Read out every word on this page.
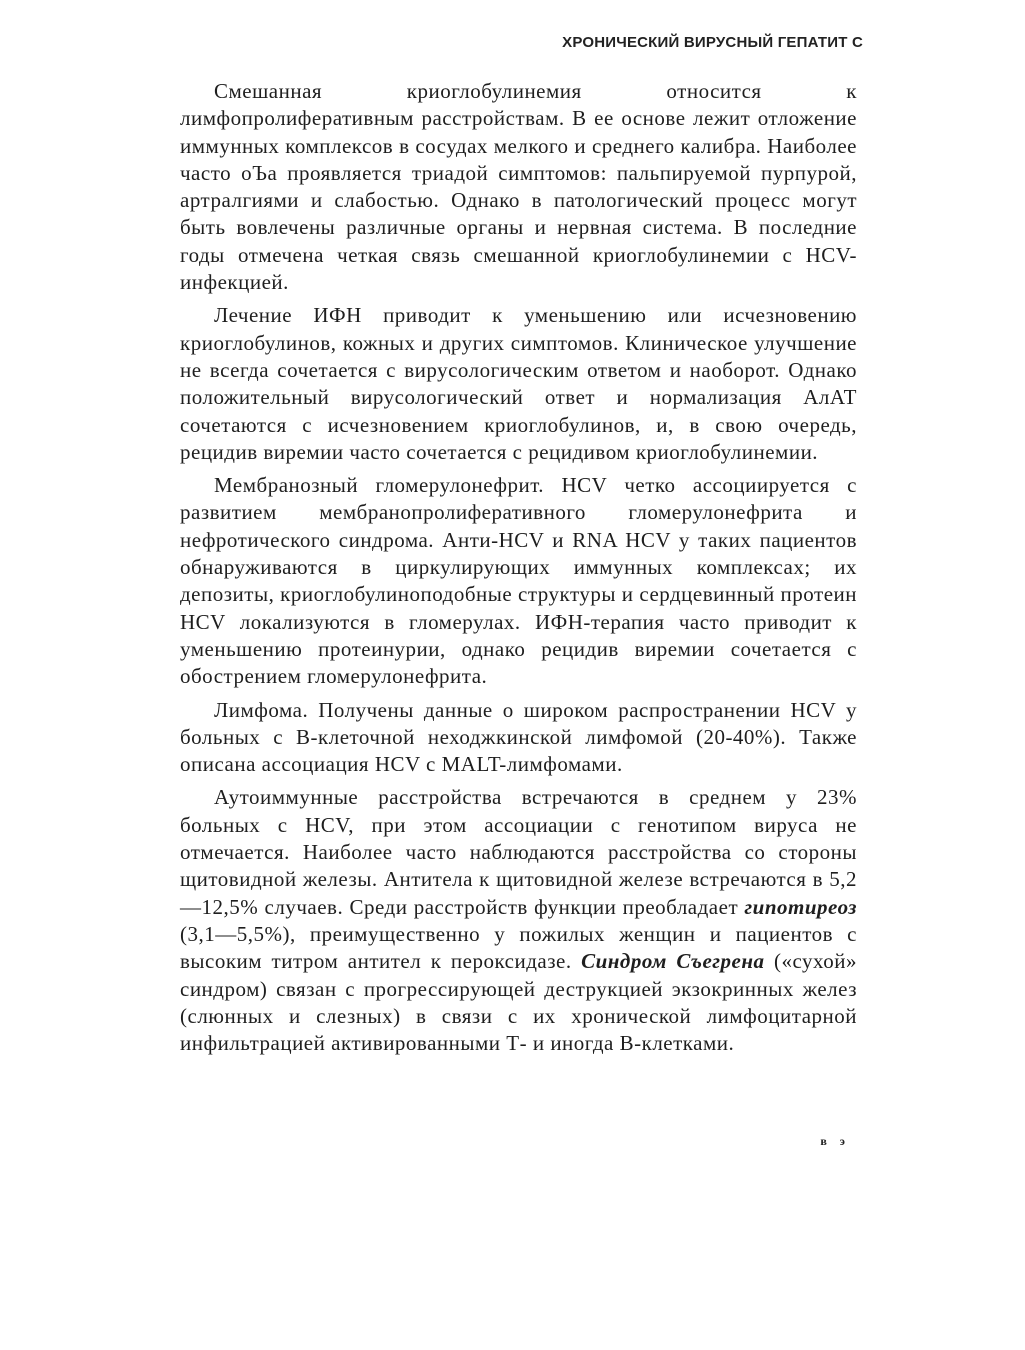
ХРОНИЧЕСКИЙ ВИРУСНЫЙ ГЕПАТИТ С

Смешанная криоглобулинемия относится к лимфопролиферативным расстройствам. В ее основе лежит отложение иммунных комплексов в сосудах мелкого и среднего калибра. Наиболее часто оЪа проявляется триадой симптомов: пальпируемой пурпурой, артралгиями и слабостью. Однако в патологический процесс могут быть вовлечены различные органы и нервная система. В последние годы отмечена четкая связь смешанной криоглобулинемии с HCV-инфекцией.

Лечение ИФН приводит к уменьшению или исчезновению криоглобулинов, кожных и других симптомов. Клиническое улучшение не всегда сочетается с вирусологическим ответом и наоборот. Однако положительный вирусологический ответ и нормализация АлАТ сочетаются с исчезновением криоглобулинов, и, в свою очередь, рецидив виремии часто сочетается с рецидивом криоглобулинемии.

Мембранозный гломерулонефрит. HCV четко ассоциируется с развитием мембранопролиферативного гломерулонефрита и нефротического синдрома. Анти-HCV и RNA HCV у таких пациентов обнаруживаются в циркулирующих иммунных комплексах; их депозиты, криоглобулиноподобные структуры и сердцевинный протеин HCV локализуются в гломерулах. ИФН-терапия часто приводит к уменьшению протеинурии, однако рецидив виремии сочетается с обострением гломерулонефрита.

Лимфома. Получены данные о широком распространении HCV у больных с В-клеточной неходжкинской лимфомой (20-40%). Также описана ассоциация HCV с MALT-лимфомами.

Аутоиммунные расстройства встречаются в среднем у 23% больных с HCV, при этом ассоциации с генотипом вируса не отмечается. Наиболее часто наблюдаются расстройства со стороны щитовидной железы. Антитела к щитовидной железе встречаются в 5,2—12,5% случаев. Среди расстройств функции преобладает гипотиреоз (3,1—5,5%), преимущественно у пожилых женщин и пациентов с высоким титром антител к пероксидазе. Синдром Съегрена («сухой» синдром) связан с прогрессирующей деструкцией экзокринных желез (слюнных и слезных) в связи с их хронической лимфоцитарной инфильтрацией активированными Т- и иногда В-клетками.

в э
